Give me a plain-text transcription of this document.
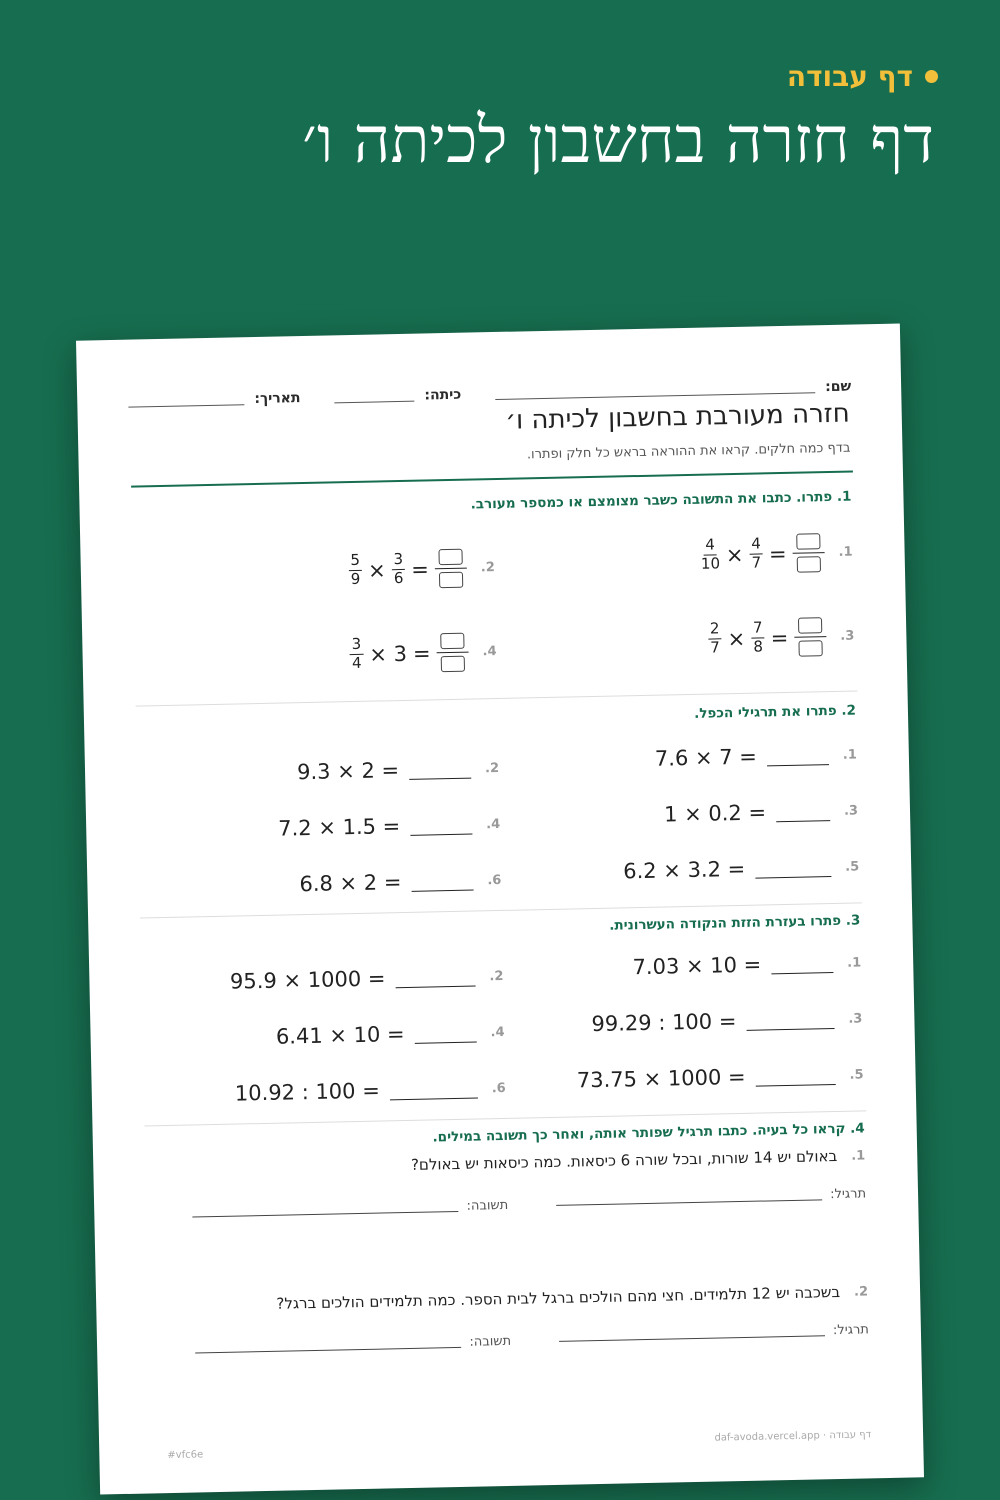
דף עבודה
דף חזרה בחשבון לכיתה ו׳
שם:
כיתה:
תאריך:
חזרה מעורבת בחשבון לכיתה ו׳
בדף כמה חלקים. קראו את ההוראה בראש כל חלק ופתרו.
1. פתרו. כתבו את התשובה כשבר מצומצם או כמספר מעורב.
1.
$\frac{4}{10} \times \frac{4}{7}$ =
2.
$\frac{5}{9} \times \frac{3}{6}$ =
3.
$\frac{2}{7} \times \frac{7}{8}$ =
4.
$\frac{3}{4} \times 3$ =
2. פתרו את תרגילי הכפל.
1.
7.6 × 7 =
2.
9.3 × 2 =
3.
1 × 0.2 =
4.
7.2 × 1.5 =
5.
6.2 × 3.2 =
6.
6.8 × 2 =
3. פתרו בעזרת הזזת הנקודה העשרונית.
1.
7.03 × 10 =
2.
95.9 × 1000 =
3.
99.29 : 100 =
4.
6.41 × 10 =
5.
73.75 × 1000 =
6.
10.92 : 100 =
4. קראו כל בעיה. כתבו תרגיל שפותר אותה, ואחר כך תשובה במילים.
1.
באולם יש 14 שורות, ובכל שורה 6 כיסאות. כמה כיסאות יש באולם?
תרגיל:
תשובה:
2.
בשכבה יש 12 תלמידים. חצי מהם הולכים ברגל לבית הספר. כמה תלמידים הולכים ברגל?
תרגיל:
תשובה:
דף עבודה · daf-avoda.vercel.app
#vfc6e
